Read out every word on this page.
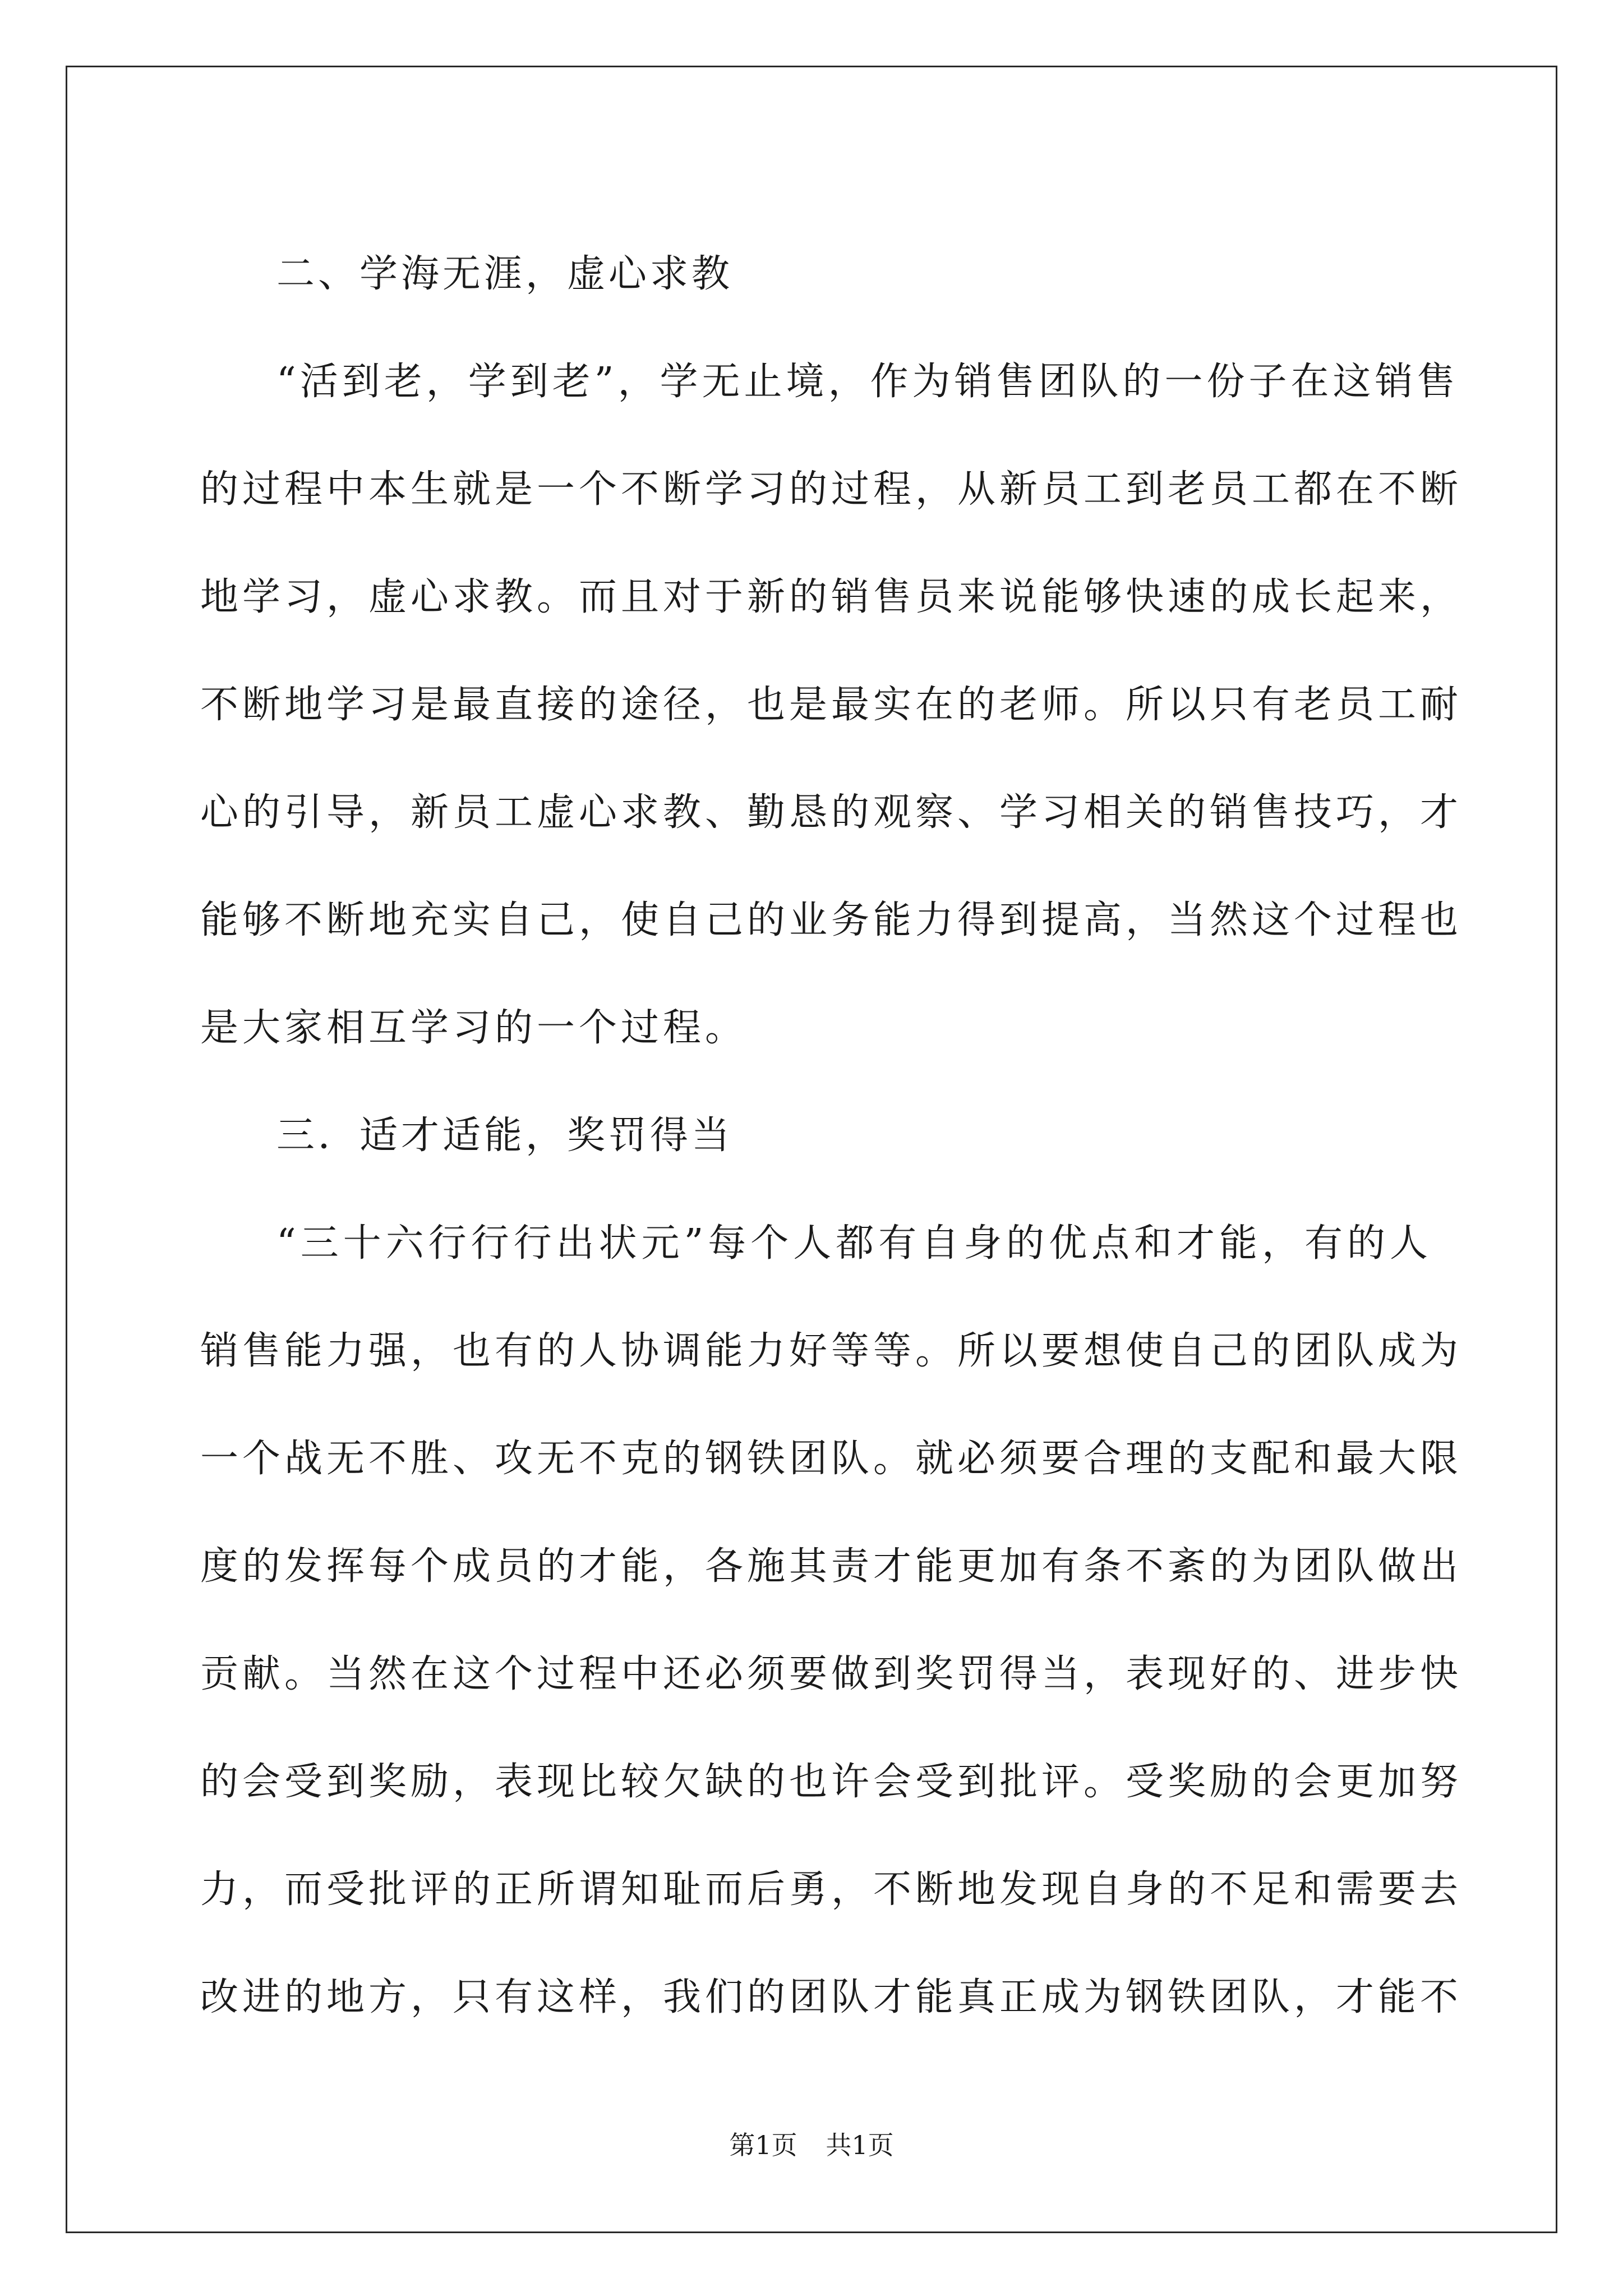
二、学海无涯，虚心求教
“活到老，学到老”，学无止境，作为销售团队的一份子在这销售
的过程中本生就是一个不断学习的过程，从新员工到老员工都在不断
地学习，虚心求教。而且对于新的销售员来说能够快速的成长起来，
不断地学习是最直接的途径，也是最实在的老师。所以只有老员工耐
心的引导，新员工虚心求教、勤恳的观察、学习相关的销售技巧，才
能够不断地充实自己，使自己的业务能力得到提高，当然这个过程也
是大家相互学习的一个过程。
三．适才适能，奖罚得当
“三十六行行行出状元”每个人都有自身的优点和才能，有的人
销售能力强，也有的人协调能力好等等。所以要想使自己的团队成为
一个战无不胜、攻无不克的钢铁团队。就必须要合理的支配和最大限
度的发挥每个成员的才能，各施其责才能更加有条不紊的为团队做出
贡献。当然在这个过程中还必须要做到奖罚得当，表现好的、进步快
的会受到奖励，表现比较欠缺的也许会受到批评。受奖励的会更加努
力，而受批评的正所谓知耻而后勇，不断地发现自身的不足和需要去
改进的地方，只有这样，我们的团队才能真正成为钢铁团队，才能不
第1页 共1页
